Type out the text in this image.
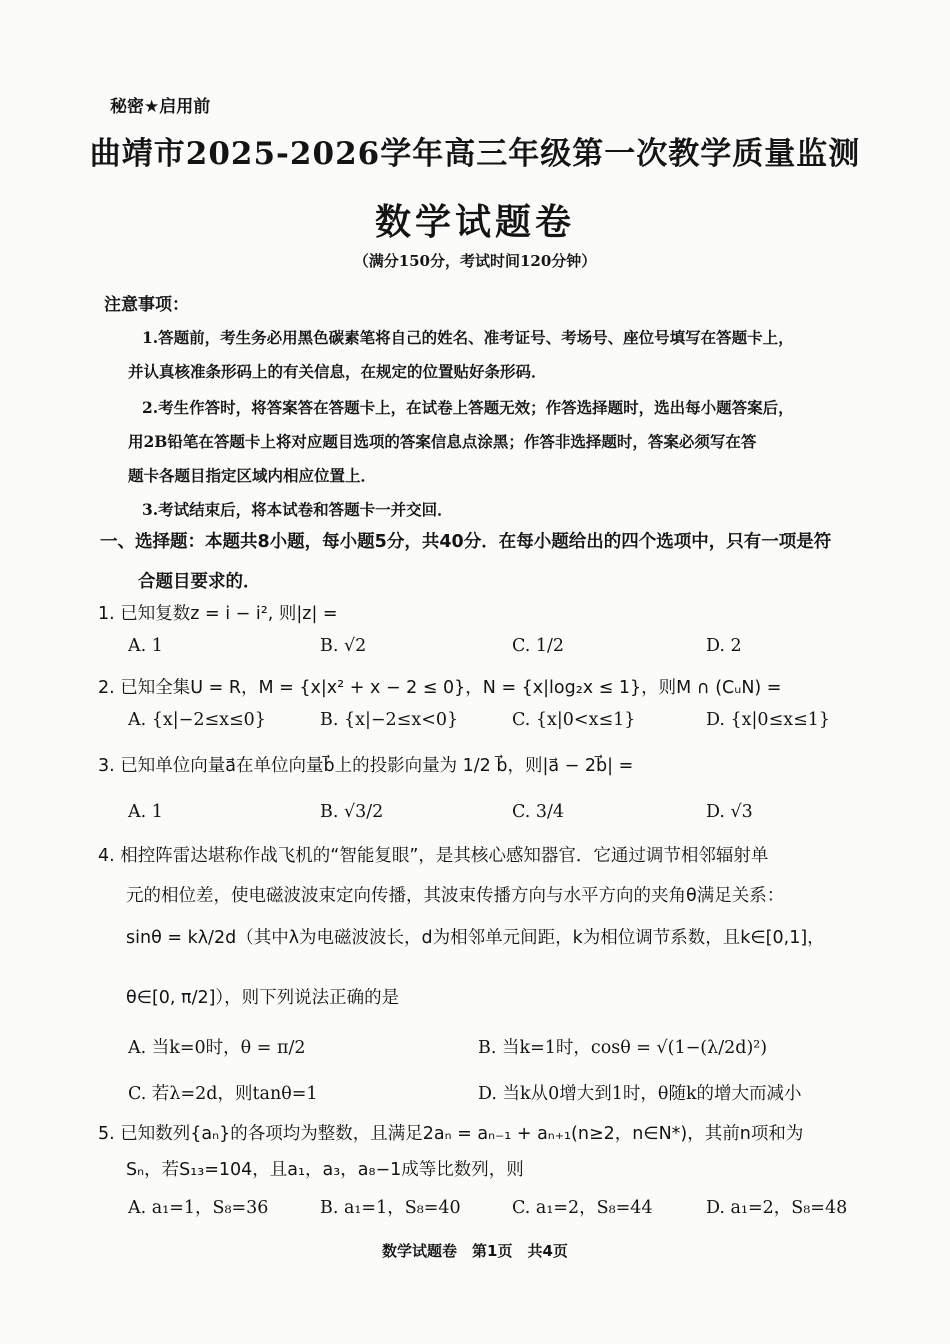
秘密★启用前
曲靖市2025-2026学年高三年级第一次教学质量监测
数学试题卷
（满分150分，考试时间120分钟）
注意事项：
1.答题前，考生务必用黑色碳素笔将自己的姓名、准考证号、考场号、座位号填写在答题卡上，
并认真核准条形码上的有关信息，在规定的位置贴好条形码．
2.考生作答时，将答案答在答题卡上，在试卷上答题无效；作答选择题时，选出每小题答案后，
用2B铅笔在答题卡上将对应题目选项的答案信息点涂黑；作答非选择题时，答案必须写在答
题卡各题目指定区域内相应位置上．
3.考试结束后，将本试卷和答题卡一并交回．
一、选择题：本题共8小题，每小题5分，共40分．在每小题给出的四个选项中，只有一项是符
合题目要求的．
1. 已知复数z = i − i², 则|z| =
A. 1	B. √2	C. 1/2	D. 2
2. 已知全集U = R，M = {x|x² + x − 2 ≤ 0}，N = {x|log₂x ≤ 1}，则M ∩ (CᵤN) =
A. {x|−2≤x≤0}	B. {x|−2≤x<0}	C. {x|0<x≤1}	D. {x|0≤x≤1}
3. 已知单位向量a⃗在单位向量b⃗上的投影向量为 1/2 b⃗，则|a⃗ − 2b⃗| =
A. 1	B. √3/2	C. 3/4	D. √3
4. 相控阵雷达堪称作战飞机的“智能复眼”，是其核心感知器官．它通过调节相邻辐射单
元的相位差，使电磁波波束定向传播，其波束传播方向与水平方向的夹角θ满足关系：
sinθ = kλ/2d（其中λ为电磁波波长，d为相邻单元间距，k为相位调节系数，且k∈[0,1]，
θ∈[0, π/2]），则下列说法正确的是
A. 当k=0时，θ = π/2	B. 当k=1时，cosθ = √(1−(λ/2d)²)
C. 若λ=2d，则tanθ=1	D. 当k从0增大到1时，θ随k的增大而减小
5. 已知数列{aₙ}的各项均为整数，且满足2aₙ = aₙ₋₁ + aₙ₊₁(n≥2，n∈N*)，其前n项和为
Sₙ，若S₁₃=104，且a₁，a₃，a₈−1成等比数列，则
A. a₁=1，S₈=36	B. a₁=1，S₈=40	C. a₁=2，S₈=44	D. a₁=2，S₈=48
数学试题卷　第1页　共4页
